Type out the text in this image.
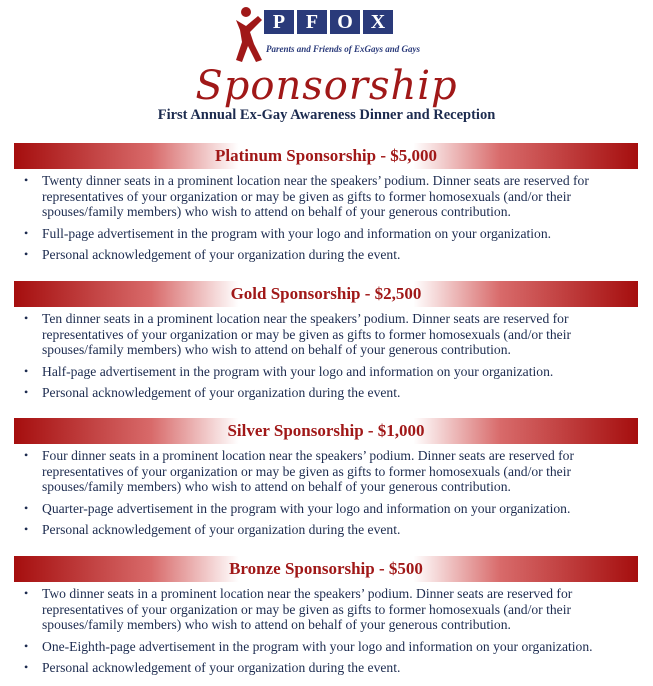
P	F O X
Parents and Friends of ExGays and Gays
Sponsorship
First Annual Ex-Gay Awareness Dinner and Reception
Platinum Sponsorship - $5,000
• Twenty dinner seats in a prominent location near the speakers’ podium. Dinner seats are reserved for representatives of your organization or may be given as gifts to former homosexuals (and/or their spouses/family members) who wish to attend on behalf of your generous contribution.
• Full-page advertisement in the program with your logo and information on your organization.
• Personal acknowledgement of your organization during the event.
Gold Sponsorship - $2,500
• Ten dinner seats in a prominent location near the speakers’ podium. Dinner seats are reserved for representatives of your organization or may be given as gifts to former homosexuals (and/or their spouses/family members) who wish to attend on behalf of your generous contribution.
• Half-page advertisement in the program with your logo and information on your organization.
• Personal acknowledgement of your organization during the event.
Silver Sponsorship - $1,000
• Four dinner seats in a prominent location near the speakers’ podium. Dinner seats are reserved for representatives of your organization or may be given as gifts to former homosexuals (and/or their spouses/family members) who wish to attend on behalf of your generous contribution.
• Quarter-page advertisement in the program with your logo and information on your organization.
• Personal acknowledgement of your organization during the event.
Bronze Sponsorship - $500
• Two dinner seats in a prominent location near the speakers’ podium. Dinner seats are reserved for representatives of your organization or may be given as gifts to former homosexuals (and/or their spouses/family members) who wish to attend on behalf of your generous contribution.
• One-Eighth-page advertisement in the program with your logo and information on your organization.
• Personal acknowledgement of your organization during the event.
